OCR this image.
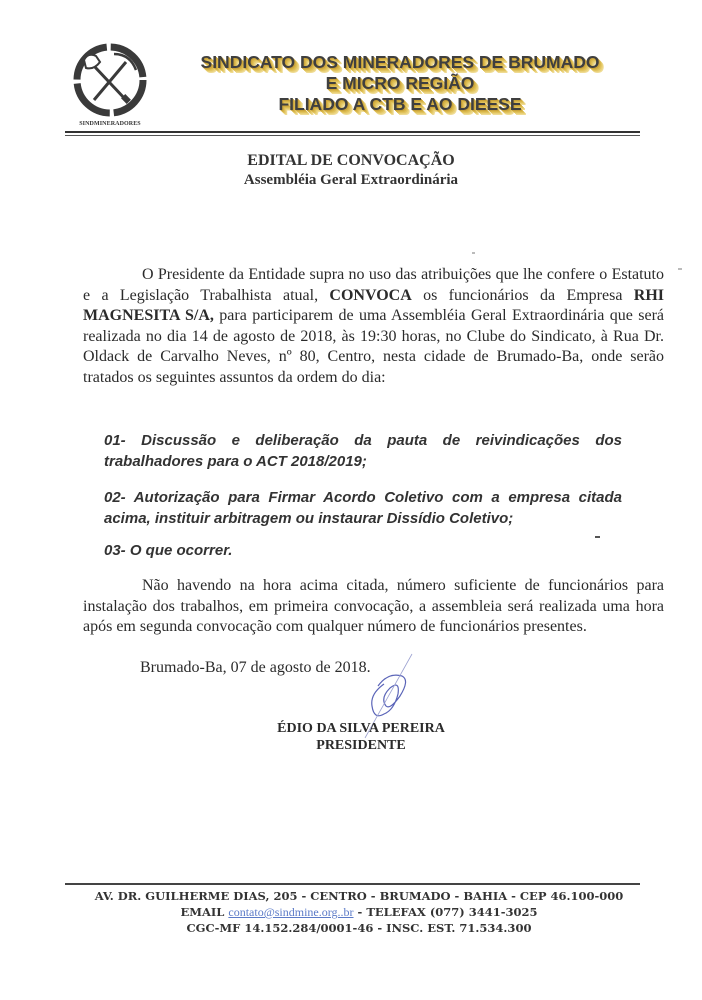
SINDMINERADORES
SINDICATO DOS MINERADORES DE BRUMADO
E MICRO REGIÃO
FILIADO A CTB E AO DIEESE
EDITAL DE CONVOCAÇÃO
Assembléia Geral Extraordinária
O Presidente da Entidade supra no uso das atribuições que lhe confere o Estatuto e a Legislação Trabalhista atual, CONVOCA os funcionários da Empresa RHI MAGNESITA S/A, para participarem de uma Assembléia Geral Extraordinária que será realizada no dia 14 de agosto de 2018, às 19:30 horas, no Clube do Sindicato, à Rua Dr. Oldack de Carvalho Neves, nº 80, Centro, nesta cidade de Brumado-Ba, onde serão tratados os seguintes assuntos da ordem do dia:
01- Discussão e deliberação da pauta de reivindicações dos trabalhadores para o ACT 2018/2019;
02- Autorização para Firmar Acordo Coletivo com a empresa citada acima, instituir arbitragem ou instaurar Dissídio Coletivo;
03- O que ocorrer.
Não havendo na hora acima citada, número suficiente de funcionários para instalação dos trabalhos, em primeira convocação, a assembleia será realizada uma hora após em segunda convocação com qualquer número de funcionários presentes.
Brumado-Ba, 07 de agosto de 2018.
ÉDIO DA SILVA PEREIRA
PRESIDENTE
AV. DR. GUILHERME DIAS, 205 - CENTRO - BRUMADO - BAHIA - CEP 46.100-000
EMAIL contato@sindmine.org..br - TELEFAX (077) 3441-3025
CGC-MF 14.152.284/0001-46 - INSC. EST. 71.534.300
